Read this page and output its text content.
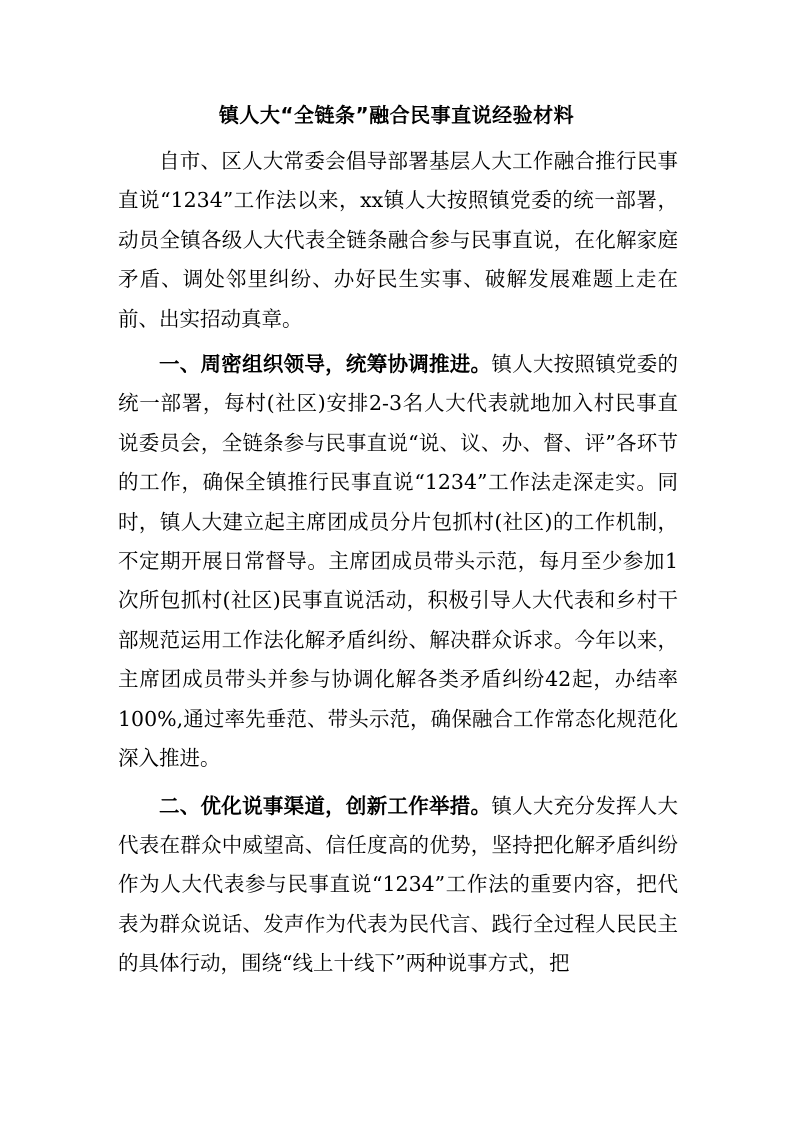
镇人大“全链条”融合民事直说经验材料

自市、区人大常委会倡导部署基层人大工作融合推行民事直说“1234”工作法以来，xx镇人大按照镇党委的统一部署，动员全镇各级人大代表全链条融合参与民事直说，在化解家庭矛盾、调处邻里纠纷、办好民生实事、破解发展难题上走在前、出实招动真章。

一、周密组织领导，统筹协调推进。镇人大按照镇党委的统一部署，每村(社区)安排2-3名人大代表就地加入村民事直说委员会，全链条参与民事直说“说、议、办、督、评”各环节的工作，确保全镇推行民事直说“1234”工作法走深走实。同时，镇人大建立起主席团成员分片包抓村(社区)的工作机制，不定期开展日常督导。主席团成员带头示范，每月至少参加1次所包抓村(社区)民事直说活动，积极引导人大代表和乡村干部规范运用工作法化解矛盾纠纷、解决群众诉求。今年以来，主席团成员带头并参与协调化解各类矛盾纠纷42起，办结率100%,通过率先垂范、带头示范，确保融合工作常态化规范化深入推进。

二、优化说事渠道，创新工作举措。镇人大充分发挥人大代表在群众中威望高、信任度高的优势，坚持把化解矛盾纠纷作为人大代表参与民事直说“1234”工作法的重要内容，把代表为群众说话、发声作为代表为民代言、践行全过程人民民主的具体行动，围绕“线上十线下”两种说事方式，把
